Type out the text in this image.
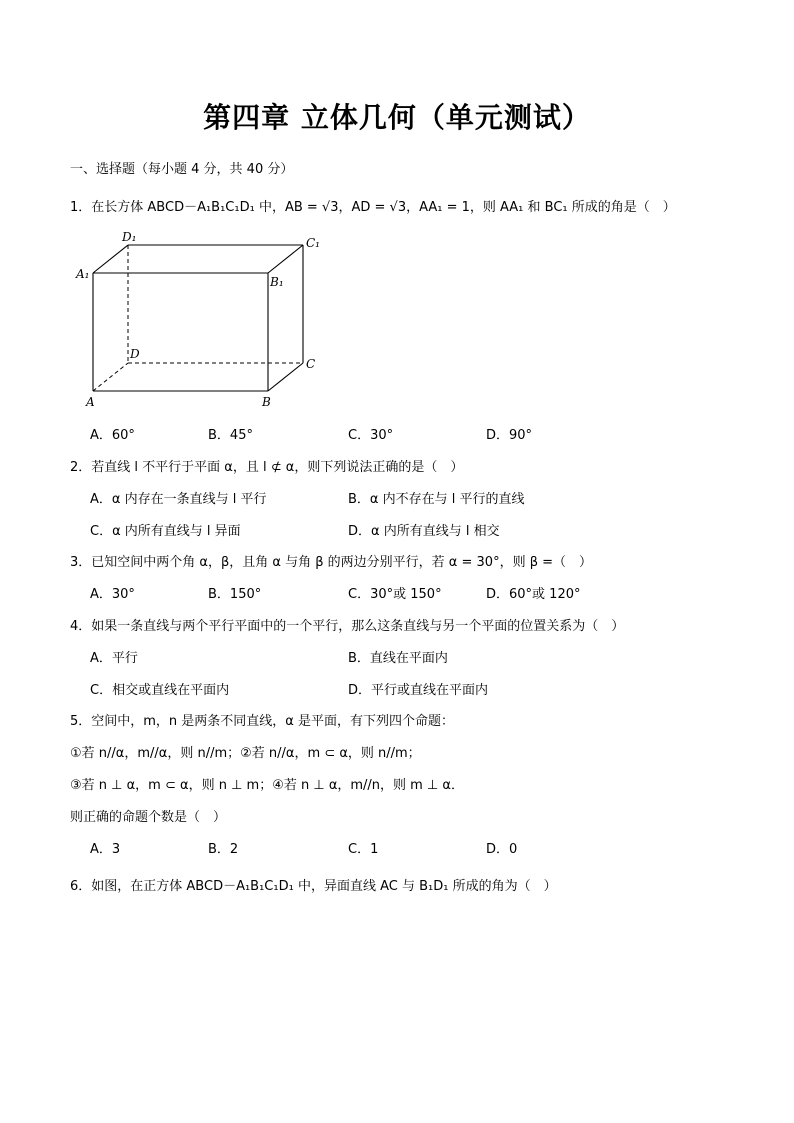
第四章 立体几何（单元测试）
一、选择题（每小题 4 分，共 40 分）
1．在长方体 ABCD－A₁B₁C₁D₁ 中，AB = √3，AD = √3，AA₁ = 1，则 AA₁ 和 BC₁ 所成的角是（　）
D₁	C₁
A₁
B₁
D
C
A	B
A．60°	B．45°	C．30°	D．90°
2．若直线 l 不平行于平面 α，且 l ⊄ α，则下列说法正确的是（　）
A．α 内存在一条直线与 l 平行	B．α 内不存在与 l 平行的直线
C．α 内所有直线与 l 异面	D．α 内所有直线与 l 相交
3．已知空间中两个角 α，β，且角 α 与角 β 的两边分别平行，若 α = 30°，则 β =（　）
A．30°	B．150°	C．30°或 150°	D．60°或 120°
4．如果一条直线与两个平行平面中的一个平行，那么这条直线与另一个平面的位置关系为（　）
A．平行	B．直线在平面内
C．相交或直线在平面内	D．平行或直线在平面内
5．空间中，m，n 是两条不同直线，α 是平面，有下列四个命题：
①若 n//α，m//α，则 n//m；②若 n//α，m ⊂ α，则 n//m；
③若 n ⊥ α，m ⊂ α，则 n ⊥ m；④若 n ⊥ α，m//n，则 m ⊥ α．
则正确的命题个数是（　）
A．3	B．2	C．1	D．0
6．如图，在正方体 ABCD－A₁B₁C₁D₁ 中，异面直线 AC 与 B₁D₁ 所成的角为（　）
